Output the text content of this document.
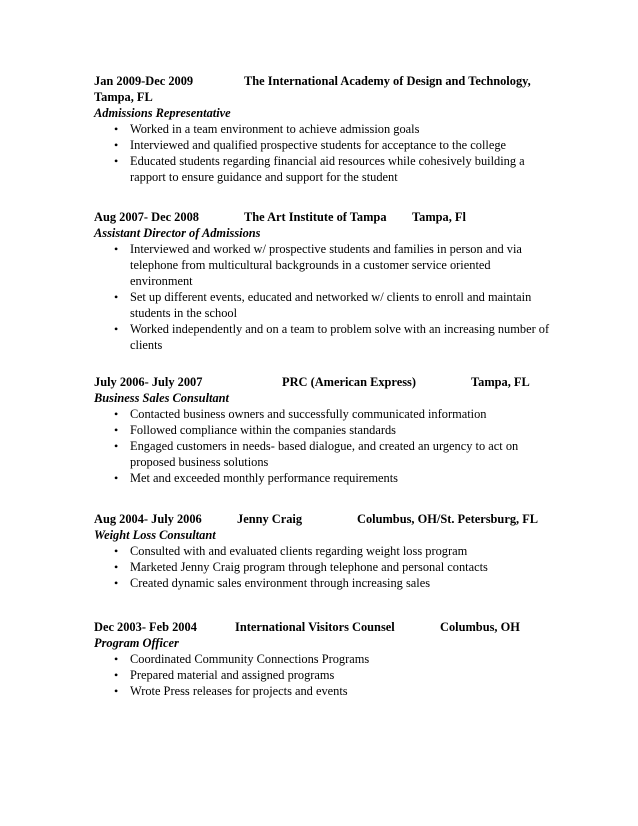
Jan 2009-Dec 2009	The International Academy of Design and Technology,
Tampa, FL
Admissions Representative
• Worked in a team environment to achieve admission goals
• Interviewed and qualified prospective students for acceptance to the college
• Educated students regarding financial aid resources while cohesively building a rapport to ensure guidance and support for the student
Aug 2007- Dec 2008	The Art Institute of Tampa Tampa, Fl
Assistant Director of Admissions
• Interviewed and worked w/ prospective students and families in person and via telephone from multicultural backgrounds in a customer service oriented environment
• Set up different events, educated and networked w/ clients to enroll and maintain students in the school
• Worked independently and on a team to problem solve with an increasing number of clients
July 2006- July 2007	PRC (American Express)	Tampa, FL
Business Sales Consultant
• Contacted business owners and successfully communicated information
• Followed compliance within the companies standards
• Engaged customers in needs- based dialogue, and created an urgency to act on proposed business solutions
• Met and exceeded monthly performance requirements
Aug 2004- July 2006	Jenny Craig	Columbus, OH/St. Petersburg, FL
Weight Loss Consultant
• Consulted with and evaluated clients regarding weight loss program
• Marketed Jenny Craig program through telephone and personal contacts
• Created dynamic sales environment through increasing sales
Dec 2003- Feb 2004	International Visitors Counsel	Columbus, OH
Program Officer
• Coordinated Community Connections Programs
• Prepared material and assigned programs
• Wrote Press releases for projects and events
